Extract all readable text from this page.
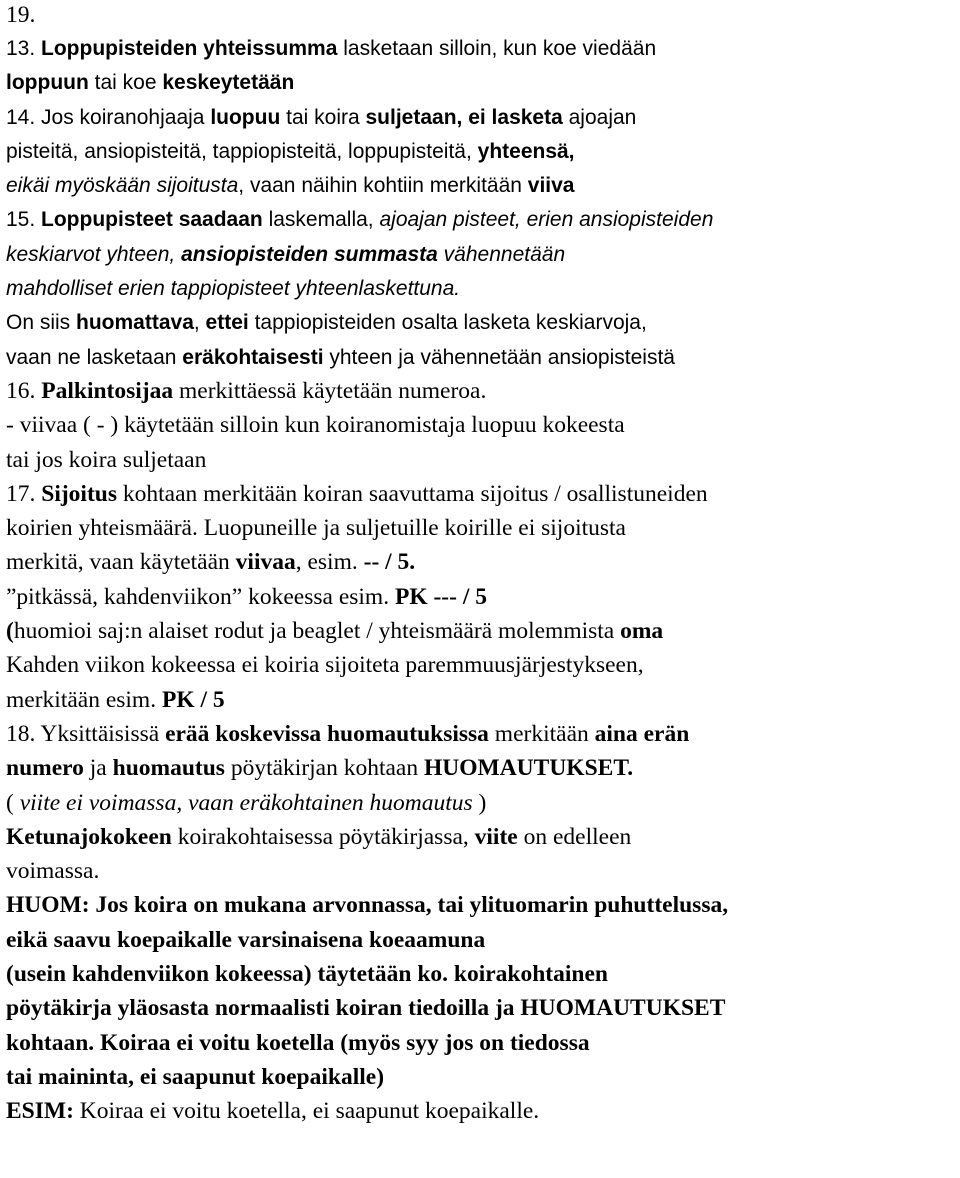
19.
13. Loppupisteiden yhteissumma lasketaan silloin, kun koe viedään
loppuun tai koe keskeytetään
14. Jos koiranohjaaja luopuu tai koira suljetaan, ei lasketa ajoajan
pisteitä, ansiopisteitä, tappiopisteitä, loppupisteitä, yhteensä,
eikäi myöskään sijoitusta, vaan näihin kohtiin merkitään viiva
15. Loppupisteet saadaan laskemalla, ajoajan pisteet, erien ansiopisteiden
keskiarvot yhteen, ansiopisteiden summasta vähennetään
mahdolliset erien tappiopisteet yhteenlaskettuna.
On siis huomattava, ettei tappiopisteiden osalta lasketa keskiarvoja,
vaan ne lasketaan eräkohtaisesti yhteen ja vähennetään ansiopisteistä
16. Palkintosijaa merkittäessä käytetään numeroa.
- viivaa ( - ) käytetään silloin kun koiranomistaja luopuu kokeesta
tai jos koira suljetaan
17. Sijoitus kohtaan merkitään koiran saavuttama sijoitus / osallistuneiden
koirien yhteismäärä. Luopuneille ja suljetuille koirille ei sijoitusta
merkitä, vaan käytetään viivaa, esim. -- / 5.
”pitkässä, kahdenviikon” kokeessa esim. PK --- / 5
(huomioi saj:n alaiset rodut ja beaglet / yhteismäärä molemmista oma
Kahden viikon kokeessa ei koiria sijoiteta paremmuusjärjestykseen,
merkitään esim. PK / 5
18. Yksittäisissä erää koskevissa huomautuksissa merkitään aina erän
numero ja huomautus pöytäkirjan kohtaan HUOMAUTUKSET.
( viite ei voimassa, vaan eräkohtainen huomautus )
Ketunajokokeen koirakohtaisessa pöytäkirjassa, viite on edelleen
voimassa.
HUOM: Jos koira on mukana arvonnassa, tai ylituomarin puhuttelussa,
eikä saavu koepaikalle varsinaisena koeaamuna
(usein kahdenviikon kokeessa) täytetään ko. koirakohtainen
pöytäkirja yläosasta normaalisti koiran tiedoilla ja HUOMAUTUKSET
kohtaan. Koiraa ei voitu koetella (myös syy jos on tiedossa
tai maininta, ei saapunut koepaikalle)
ESIM: Koiraa ei voitu koetella, ei saapunut koepaikalle.
